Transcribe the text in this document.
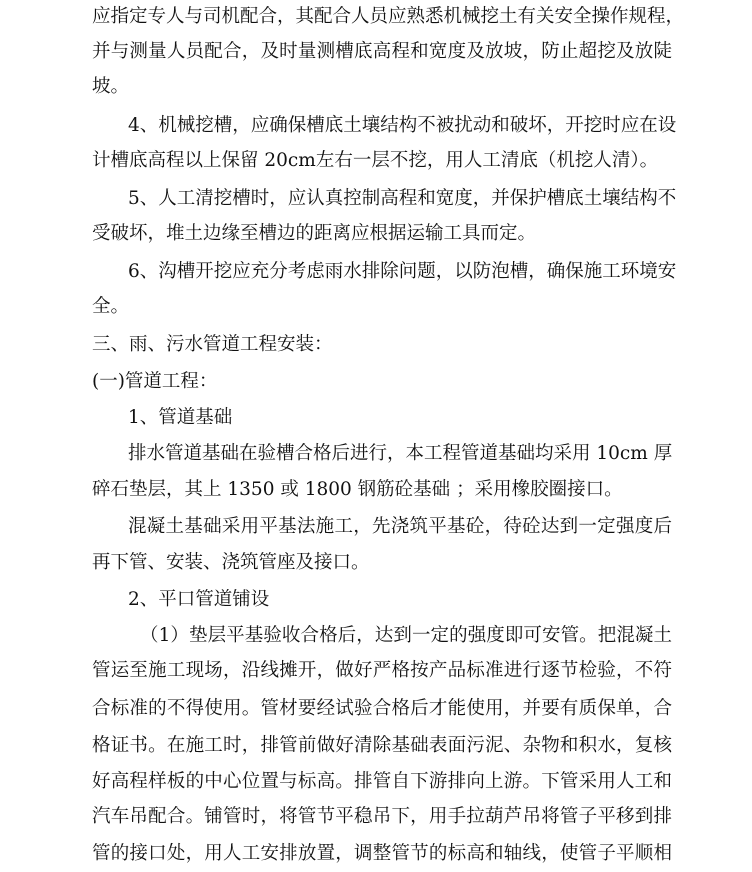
应指定专人与司机配合，其配合人员应熟悉机械挖土有关安全操作规程，
并与测量人员配合，及时量测槽底高程和宽度及放坡，防止超挖及放陡
坡。
4、机械挖槽，应确保槽底土壤结构不被扰动和破坏，开挖时应在设
计槽底高程以上保留 20cm左右一层不挖，用人工清底（机挖人清）。
5、人工清挖槽时，应认真控制高程和宽度，并保护槽底土壤结构不
受破坏，堆土边缘至槽边的距离应根据运输工具而定。
6、沟槽开挖应充分考虑雨水排除问题，以防泡槽，确保施工环境安
全。
三、雨、污水管道工程安装：
(一)管道工程：
1、管道基础
排水管道基础在验槽合格后进行，本工程管道基础均采用 10cm 厚
碎石垫层，其上 1350 或 1800 钢筋砼基础 ；采用橡胶圈接口。
混凝土基础采用平基法施工，先浇筑平基砼，待砼达到一定强度后
再下管、安装、浇筑管座及接口。
2、平口管道铺设
（1）垫层平基验收合格后，达到一定的强度即可安管。把混凝土
管运至施工现场，沿线摊开，做好严格按产品标准进行逐节检验，不符
合标准的不得使用。管材要经试验合格后才能使用，并要有质保单，合
格证书。在施工时，排管前做好清除基础表面污泥、杂物和积水，复核
好高程样板的中心位置与标高。排管自下游排向上游。下管采用人工和
汽车吊配合。铺管时，将管节平稳吊下，用手拉葫芦吊将管子平移到排
管的接口处，用人工安排放置，调整管节的标高和轴线，使管子平顺相
